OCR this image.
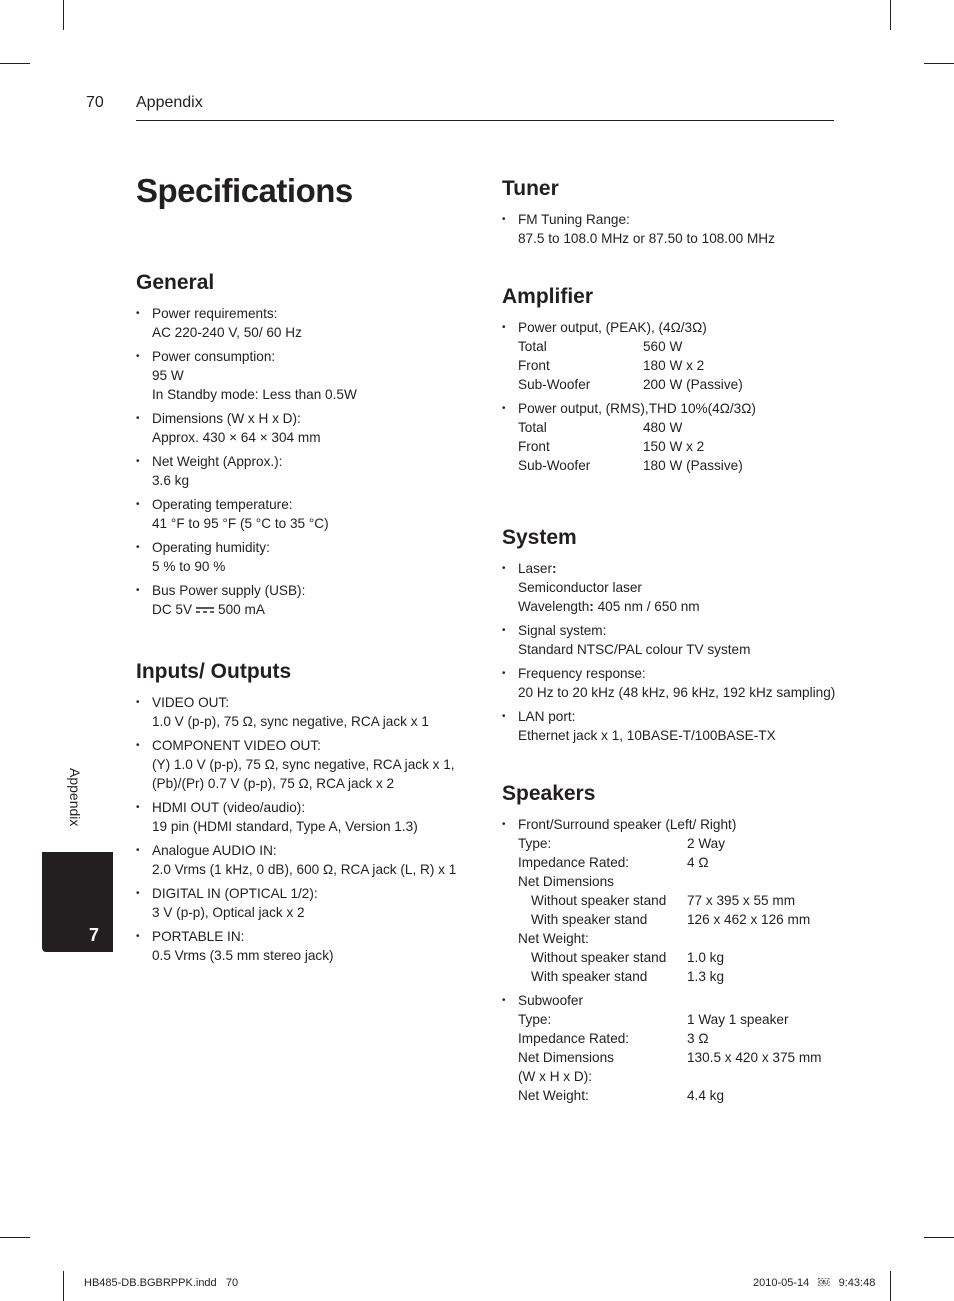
70 Appendix
Specifications
Appendix
7
General
• Power requirements:
AC 220-240 V, 50/ 60 Hz
• Power consumption:
95 W
In Standby mode: Less than 0.5W
• Dimensions (W x H x D):
Approx. 430 × 64 × 304 mm
• Net Weight (Approx.):
3.6 kg
• Operating temperature:
41 °F to 95 °F (5 °C to 35 °C)
• Operating humidity:
5 % to 90 %
• Bus Power supply (USB):
DC 5V 500 mA
Inputs/ Outputs
• VIDEO OUT:
1.0 V (p-p), 75 Ω, sync negative, RCA jack x 1
• COMPONENT VIDEO OUT:
(Y) 1.0 V (p-p), 75 Ω, sync negative, RCA jack x 1,
(Pb)/(Pr) 0.7 V (p-p), 75 Ω, RCA jack x 2
• HDMI OUT (video/audio):
19 pin (HDMI standard, Type A, Version 1.3)
• Analogue AUDIO IN:
2.0 Vrms (1 kHz, 0 dB), 600 Ω, RCA jack (L, R) x 1
• DIGITAL IN (OPTICAL 1/2):
3 V (p-p), Optical jack x 2
• PORTABLE IN:
0.5 Vrms (3.5 mm stereo jack)
Tuner
• FM Tuning Range:
87.5 to 108.0 MHz or 87.50 to 108.00 MHz
Amplifier
• Power output, (PEAK), (4Ω/3Ω)
Total	560 W
Front	180 W x 2
Sub-Woofer	200 W (Passive)
• Power output, (RMS),THD 10%(4Ω/3Ω)
Total	480 W
Front	150 W x 2
Sub-Woofer	180 W (Passive)
System
• Laser:
Semiconductor laser
Wavelength: 405 nm / 650 nm
• Signal system:
Standard NTSC/PAL colour TV system
• Frequency response:
20 Hz to 20 kHz (48 kHz, 96 kHz, 192 kHz sampling)
• LAN port:
Ethernet jack x 1, 10BASE-T/100BASE-TX
Speakers
• Front/Surround speaker (Left/ Right)
Type:	2 Way
Impedance Rated:	4 Ω
Net Dimensions
Without speaker stand	77 x 395 x 55 mm
With speaker stand	126 x 462 x 126 mm
Net Weight:
Without speaker stand	1.0 kg
With speaker stand	1.3 kg
• Subwoofer
Type:	1 Way 1 speaker
Impedance Rated:	3 Ω
Net Dimensions	130.5 x 420 x 375 mm
(W x H x D):
Net Weight:	4.4 kg
HB485-DB.BGBRPPK.indd   70	2010-05-14   ￼   9:43:48
